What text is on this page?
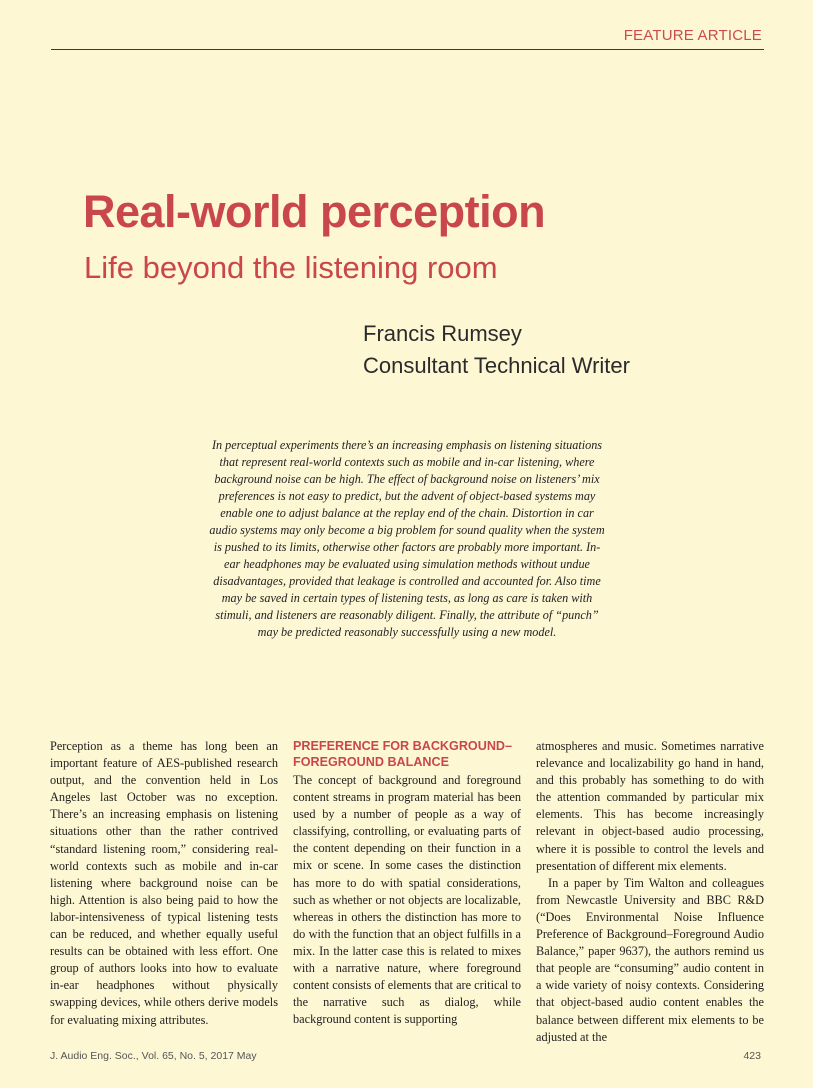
FEATURE ARTICLE
Real-world perception
Life beyond the listening room
Francis Rumsey
Consultant Technical Writer
In perceptual experiments there’s an increasing emphasis on listening situations that represent real-world contexts such as mobile and in-car listening, where background noise can be high. The effect of background noise on listeners’ mix preferences is not easy to predict, but the advent of object-based systems may enable one to adjust balance at the replay end of the chain. Distortion in car audio systems may only become a big problem for sound quality when the system is pushed to its limits, otherwise other factors are probably more important. In-ear headphones may be evaluated using simulation methods without undue disadvantages, provided that leakage is controlled and accounted for. Also time may be saved in certain types of listening tests, as long as care is taken with stimuli, and listeners are reasonably diligent. Finally, the attribute of “punch” may be predicted reasonably successfully using a new model.

Perception as a theme has long been an important feature of AES-published research output, and the convention held in Los Angeles last October was no exception. There’s an increasing emphasis on listening situations other than the rather contrived “standard listening room,” considering real-world contexts such as mobile and in-car listening where background noise can be high. Attention is also being paid to how the labor-intensiveness of typical listening tests can be reduced, and whether equally useful results can be obtained with less effort. One group of authors looks into how to evaluate in-ear headphones without physically swapping devices, while others derive models for evaluating mixing attributes.

PREFERENCE FOR BACKGROUND–FOREGROUND BALANCE

The concept of background and foreground content streams in program material has been used by a number of people as a way of classifying, controlling, or evaluating parts of the content depending on their function in a mix or scene. In some cases the distinction has more to do with spatial considerations, such as whether or not objects are localizable, whereas in others the distinction has more to do with the function that an object fulfills in a mix. In the latter case this is related to mixes with a narrative nature, where foreground content consists of elements that are critical to the narrative such as dialog, while background content is supporting

atmospheres and music. Sometimes narrative relevance and localizability go hand in hand, and this probably has something to do with the attention commanded by particular mix elements. This has become increasingly relevant in object-based audio processing, where it is possible to control the levels and presentation of different mix elements.

In a paper by Tim Walton and colleagues from Newcastle University and BBC R&D (“Does Environmental Noise Influence Preference of Background–Foreground Audio Balance,” paper 9637), the authors remind us that people are “consuming” audio content in a wide variety of noisy contexts. Considering that object-based audio content enables the balance between different mix elements to be adjusted at the

J. Audio Eng. Soc., Vol. 65, No. 5, 2017 May	423
